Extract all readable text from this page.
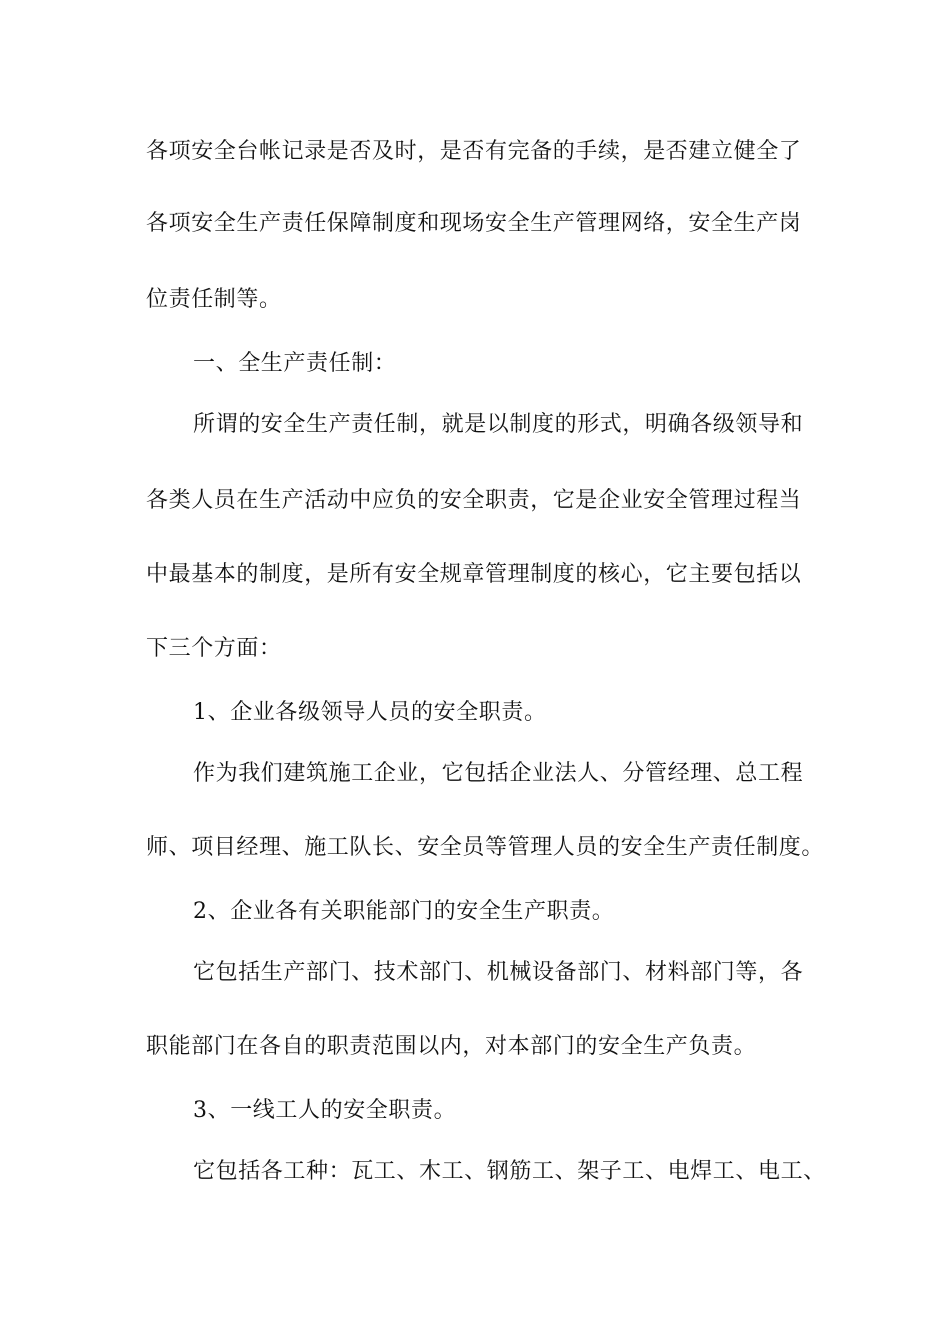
各项安全台帐记录是否及时，是否有完备的手续，是否建立健全了
各项安全生产责任保障制度和现场安全生产管理网络，安全生产岗
位责任制等。
一、全生产责任制：
所谓的安全生产责任制，就是以制度的形式，明确各级领导和
各类人员在生产活动中应负的安全职责，它是企业安全管理过程当
中最基本的制度，是所有安全规章管理制度的核心，它主要包括以
下三个方面：
1、企业各级领导人员的安全职责。
作为我们建筑施工企业，它包括企业法人、分管经理、总工程
师、项目经理、施工队长、安全员等管理人员的安全生产责任制度。
2、企业各有关职能部门的安全生产职责。
它包括生产部门、技术部门、机械设备部门、材料部门等，各
职能部门在各自的职责范围以内，对本部门的安全生产负责。
3、一线工人的安全职责。
它包括各工种：瓦工、木工、钢筋工、架子工、电焊工、电工、
